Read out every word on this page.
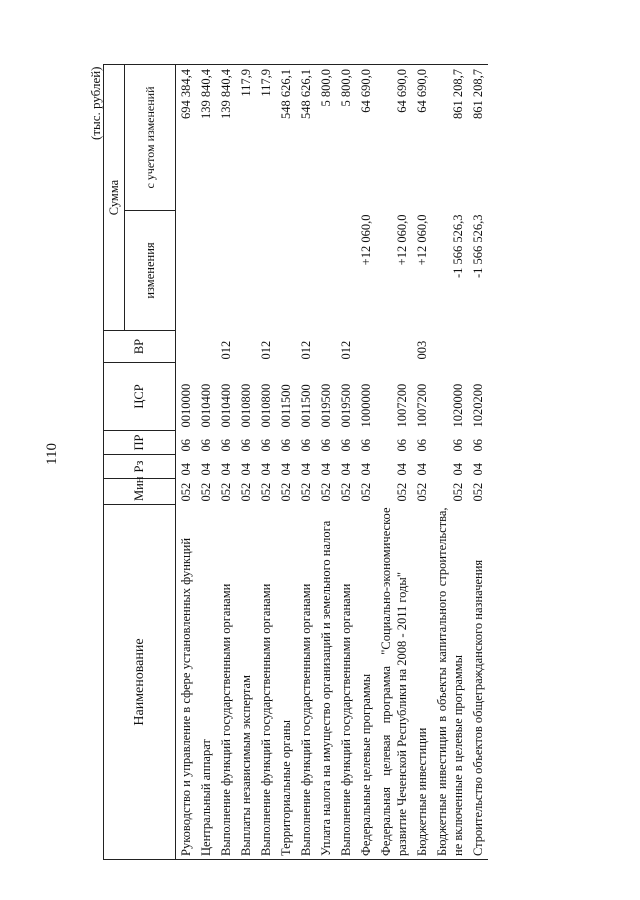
110
(тыс. рублей)
Наименование	Мин	Рз	ПР	ЦСР	ВР	Сумма	
						изменения	с учетом изменений
Руководство и управление в сфере установленных функций	052	04	06	0010000			694 384,4
Центральный аппарат	052	04	06	0010400			139 840,4
Выполнение функций государственными органами	052	04	06	0010400	012		139 840,4
Выплаты независимым экспертам	052	04	06	0010800			117,9
Выполнение функций государственными органами	052	04	06	0010800	012		117,9
Территориальные органы	052	04	06	0011500			548 626,1
Выполнение функций государственными органами	052	04	06	0011500	012		548 626,1
Уплата налога на имущество организаций и земельного налога	052	04	06	0019500			5 800,0
Выполнение функций государственными органами	052	04	06	0019500	012		5 800,0
Федеральные целевые программы	052	04	06	1000000		+12 060,0	64 690,0
Федеральная целевая программа "Социально-экономическое развитие Чеченской Республики на 2008 - 2011 годы"	052	04	06	1007200		+12 060,0	64 690,0
Бюджетные инвестиции	052	04	06	1007200	003	+12 060,0	64 690,0
Бюджетные инвестиции в объекты капитального строительства, не включенные в целевые программы	052	04	06	1020000		-1 566 526,3	861 208,7
Строительство объектов общегражданского назначения	052	04	06	1020200		-1 566 526,3	861 208,7
